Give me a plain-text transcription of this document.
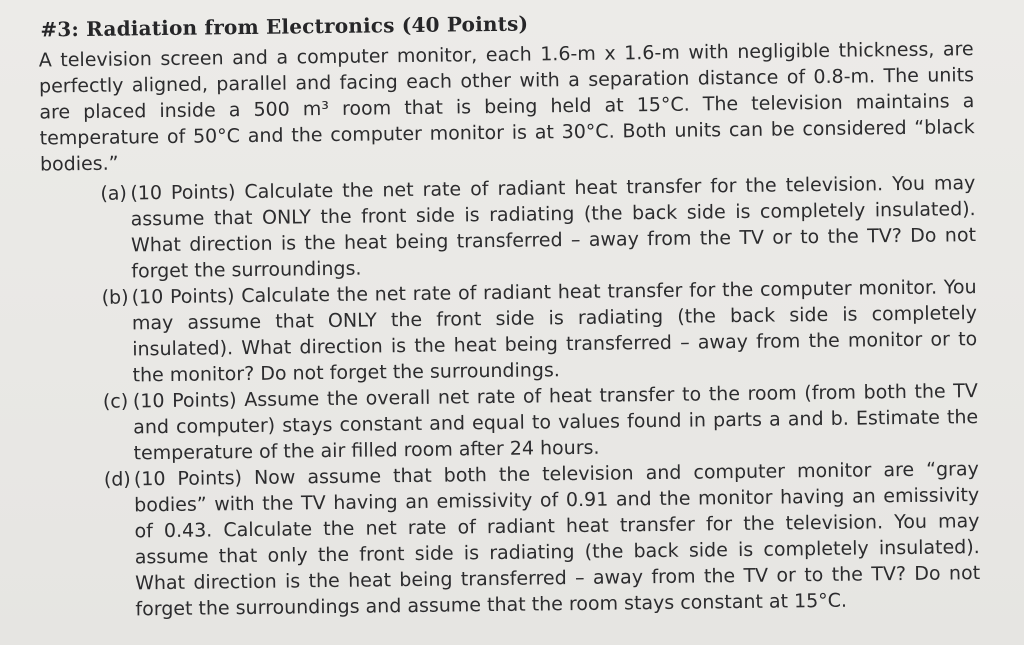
#3: Radiation from Electronics (40 Points)

A television screen and a computer monitor, each 1.6-m x 1.6-m with negligible thickness, are perfectly aligned, parallel and facing each other with a separation distance of 0.8-m. The units are placed inside a 500 m³ room that is being held at 15°C. The television maintains a temperature of 50°C and the computer monitor is at 30°C. Both units can be considered “black bodies.”

(a) (10 Points) Calculate the net rate of radiant heat transfer for the television. You may assume that ONLY the front side is radiating (the back side is completely insulated). What direction is the heat being transferred – away from the TV or to the TV? Do not forget the surroundings.
(b) (10 Points) Calculate the net rate of radiant heat transfer for the computer monitor. You may assume that ONLY the front side is radiating (the back side is completely insulated). What direction is the heat being transferred – away from the monitor or to the monitor? Do not forget the surroundings.
(c) (10 Points) Assume the overall net rate of heat transfer to the room (from both the TV and computer) stays constant and equal to values found in parts a and b. Estimate the temperature of the air filled room after 24 hours.
(d) (10 Points) Now assume that both the television and computer monitor are “gray bodies” with the TV having an emissivity of 0.91 and the monitor having an emissivity of 0.43. Calculate the net rate of radiant heat transfer for the television. You may assume that only the front side is radiating (the back side is completely insulated). What direction is the heat being transferred – away from the TV or to the TV? Do not forget the surroundings and assume that the room stays constant at 15°C.
